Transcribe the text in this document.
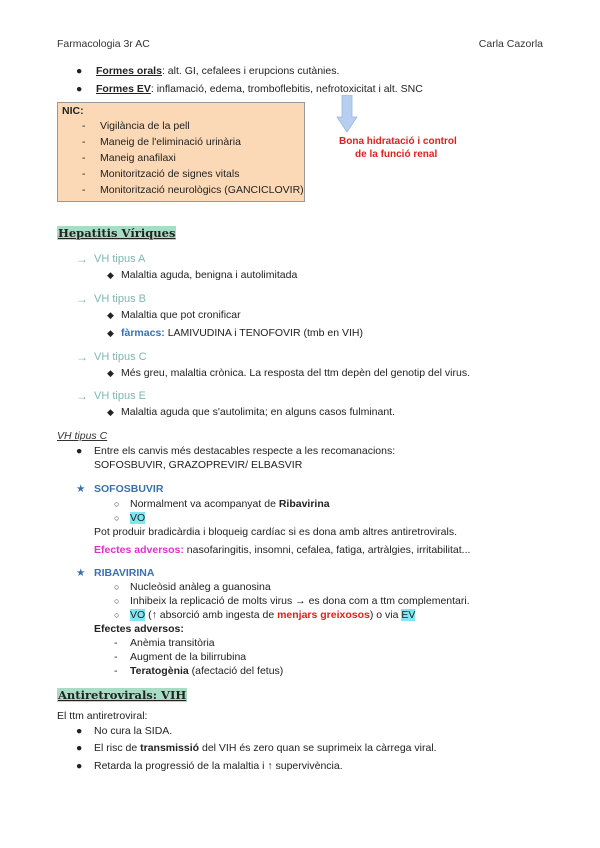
Farmacologia 3r AC	Carla Cazorla
● Formes orals: alt. GI, cefalees i erupcions cutànies.
● Formes EV: inflamació, edema, tromboflebitis, nefrotoxicitat i alt. SNC
NIC:
- Vigilància de la pell
- Maneig de l'eliminació urinària
- Maneig anafilaxi
- Monitorització de signes vitals
- Monitorització neurològics (GANCICLOVIR)
Bona hidratació i control
de la funció renal
Hepatitis Víriques
→ VH tipus A
◆ Malaltia aguda, benigna i autolimitada
→ VH tipus B
◆ Malaltia que pot cronificar
◆ fàrmacs: LAMIVUDINA i TENOFOVIR (tmb en VIH)
→ VH tipus C
◆ Més greu, malaltia crònica. La resposta del ttm depèn del genotip del virus.
→ VH tipus E
◆ Malaltia aguda que s'autolimita; en alguns casos fulminant.
VH tipus C
● Entre els canvis més destacables respecte a les recomanacions:
SOFOSBUVIR, GRAZOPREVIR/ ELBASVIR
★ SOFOSBUVIR
○ Normalment va acompanyat de Ribavirina
○ VO
Pot produir bradicàrdia i bloqueig cardíac si es dona amb altres antiretrovirals.
Efectes adversos: nasofaringitis, insomni, cefalea, fatiga, artràlgies, irritabilitat...
★ RIBAVIRINA
○ Nucleòsid anàleg a guanosina
○ Inhibeix la replicació de molts virus → es dona com a ttm complementari.
○ VO (↑ absorció amb ingesta de menjars greixosos) o via EV
Efectes adversos:
- Anèmia transitòria
- Augment de la bilirrubina
- Teratogènia (afectació del fetus)
Antiretrovirals: VIH
El ttm antiretroviral:
● No cura la SIDA.
● El risc de transmissió del VIH és zero quan se suprimeix la càrrega viral.
● Retarda la progressió de la malaltia i ↑ supervivència.
